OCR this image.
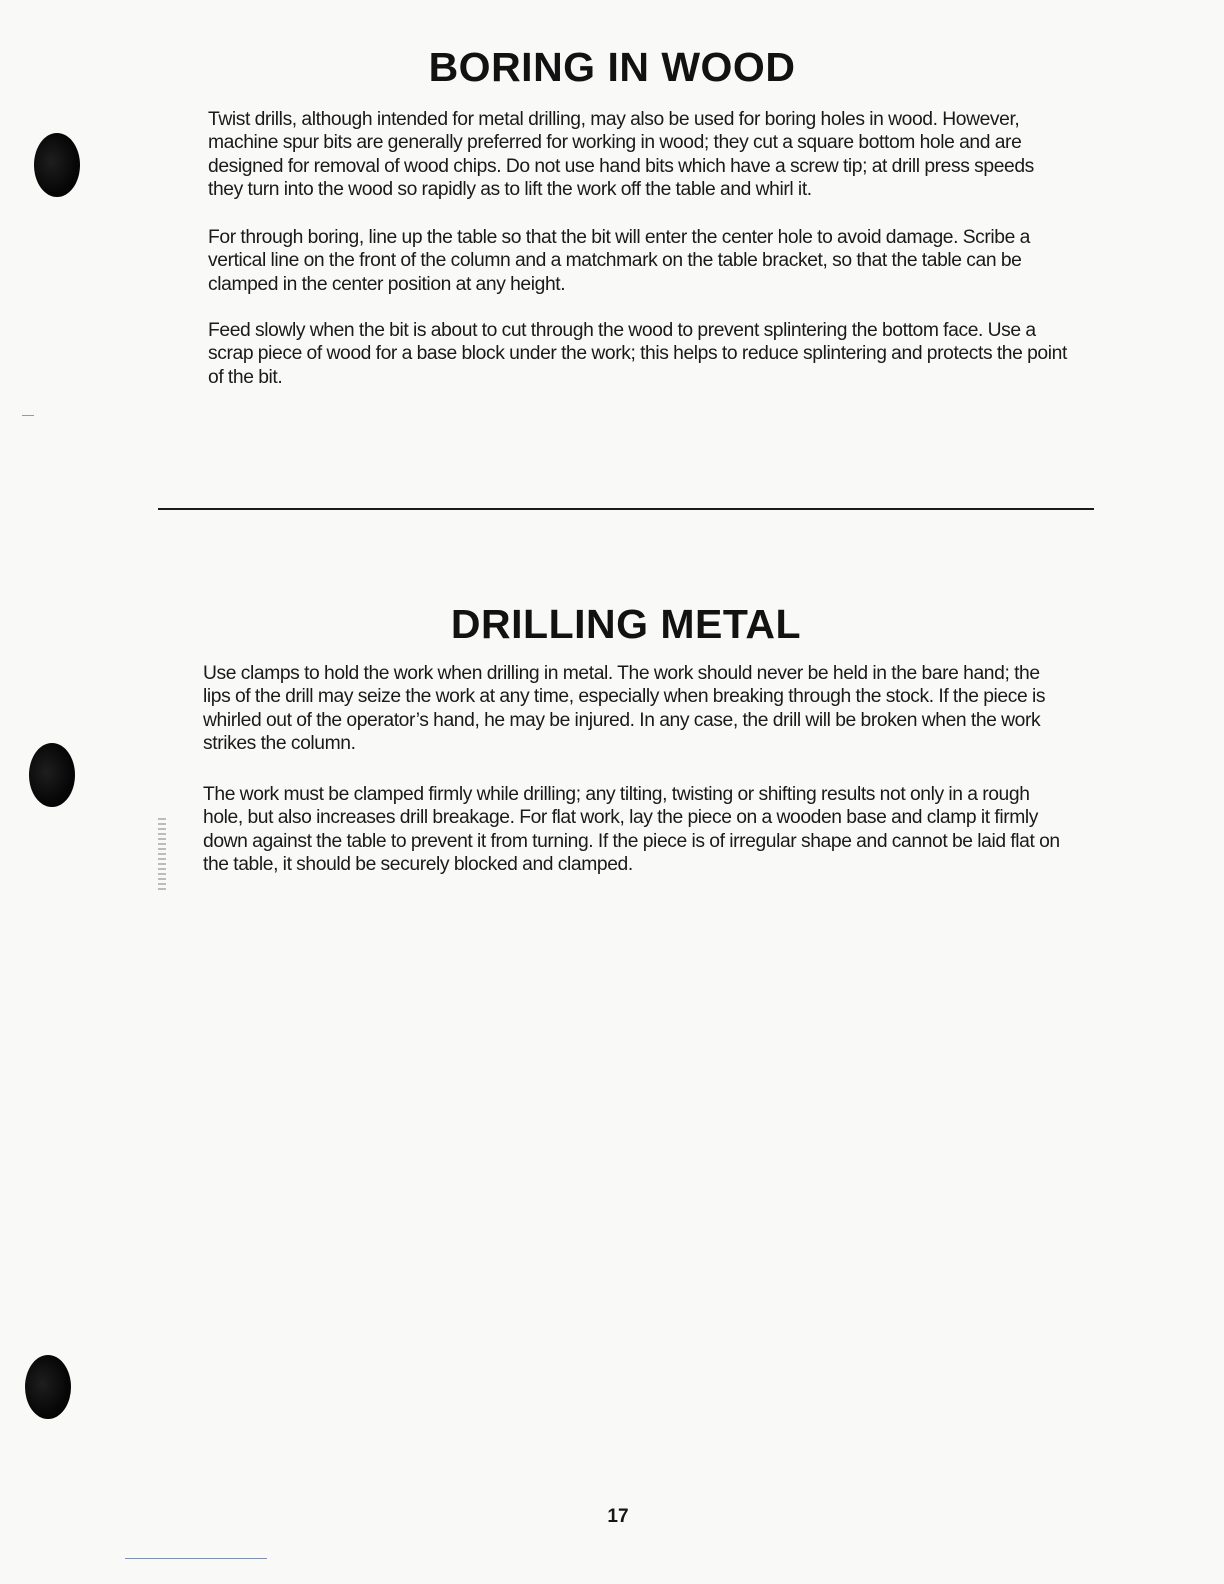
BORING IN WOOD

Twist drills, although intended for metal drilling, may also be used for boring holes in wood. However, machine spur bits are generally preferred for working in wood; they cut a square bottom hole and are designed for removal of wood chips. Do not use hand bits which have a screw tip; at drill press speeds they turn into the wood so rapidly as to lift the work off the table and whirl it.

For through boring, line up the table so that the bit will enter the center hole to avoid damage. Scribe a vertical line on the front of the column and a matchmark on the table bracket, so that the table can be clamped in the center position at any height.

Feed slowly when the bit is about to cut through the wood to prevent splintering the bottom face. Use a scrap piece of wood for a base block under the work; this helps to reduce splintering and protects the point of the bit.

DRILLING METAL

Use clamps to hold the work when drilling in metal. The work should never be held in the bare hand; the lips of the drill may seize the work at any time, especially when breaking through the stock. If the piece is whirled out of the operator’s hand, he may be injured. In any case, the drill will be broken when the work strikes the column.

The work must be clamped firmly while drilling; any tilting, twisting or shifting results not only in a rough hole, but also increases drill breakage. For flat work, lay the piece on a wooden base and clamp it firmly down against the table to prevent it from turning. If the piece is of irregular shape and cannot be laid flat on the table, it should be securely blocked and clamped.

17
